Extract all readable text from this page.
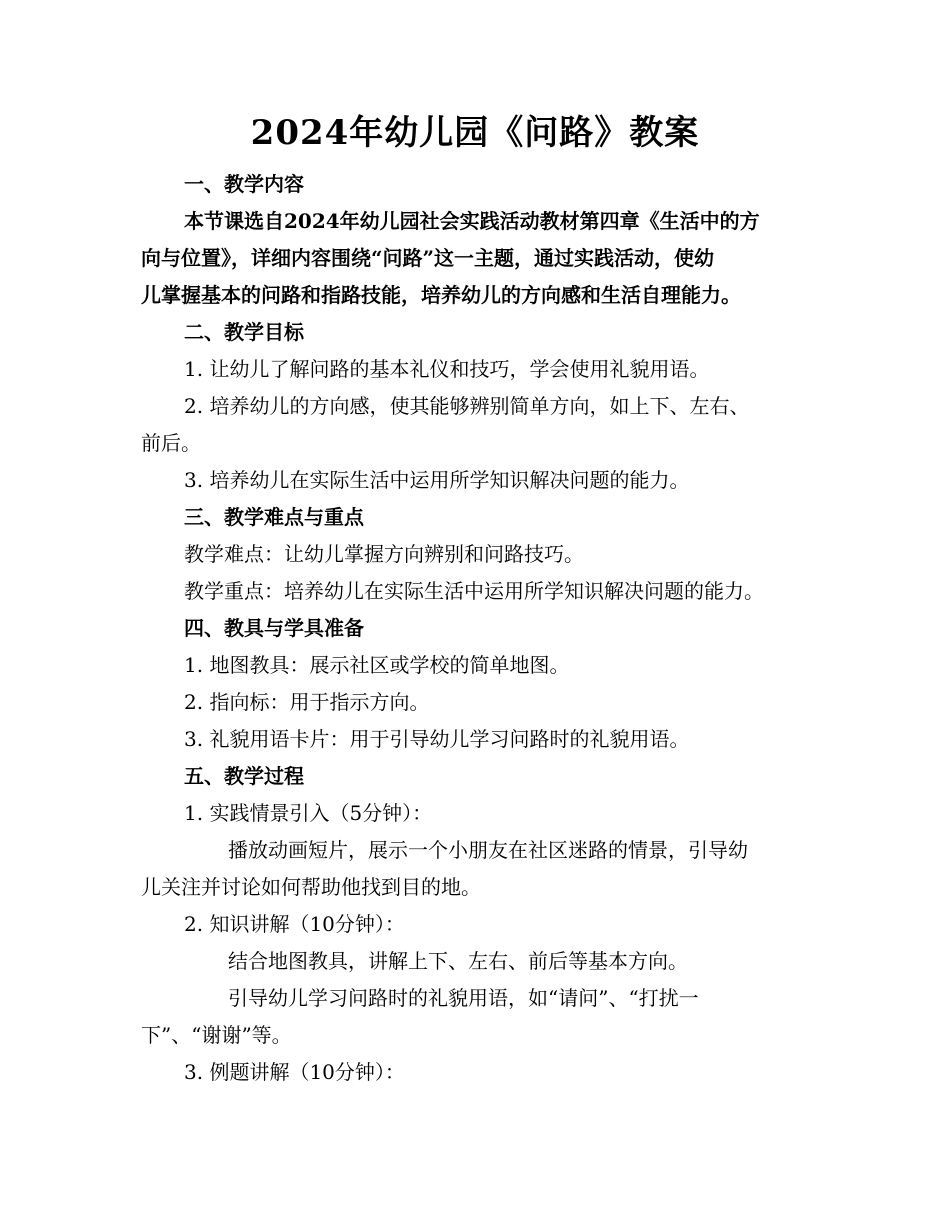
2024年幼儿园《问路》教案

一、教学内容

本节课选自2024年幼儿园社会实践活动教材第四章《生活中的方

向与位置》，详细内容围绕“问路”这一主题，通过实践活动，使幼

儿掌握基本的问路和指路技能，培养幼儿的方向感和生活自理能力。

二、教学目标

1. 让幼儿了解问路的基本礼仪和技巧，学会使用礼貌用语。

2. 培养幼儿的方向感，使其能够辨别简单方向，如上下、左右、

前后。

3. 培养幼儿在实际生活中运用所学知识解决问题的能力。

三、教学难点与重点

教学难点：让幼儿掌握方向辨别和问路技巧。

教学重点：培养幼儿在实际生活中运用所学知识解决问题的能力。

四、教具与学具准备

1. 地图教具：展示社区或学校的简单地图。

2. 指向标：用于指示方向。

3. 礼貌用语卡片：用于引导幼儿学习问路时的礼貌用语。

五、教学过程

1. 实践情景引入（5分钟）：

播放动画短片，展示一个小朋友在社区迷路的情景，引导幼

儿关注并讨论如何帮助他找到目的地。

2. 知识讲解（10分钟）：

结合地图教具，讲解上下、左右、前后等基本方向。

引导幼儿学习问路时的礼貌用语，如“请问”、“打扰一

下”、“谢谢”等。

3. 例题讲解（10分钟）：
